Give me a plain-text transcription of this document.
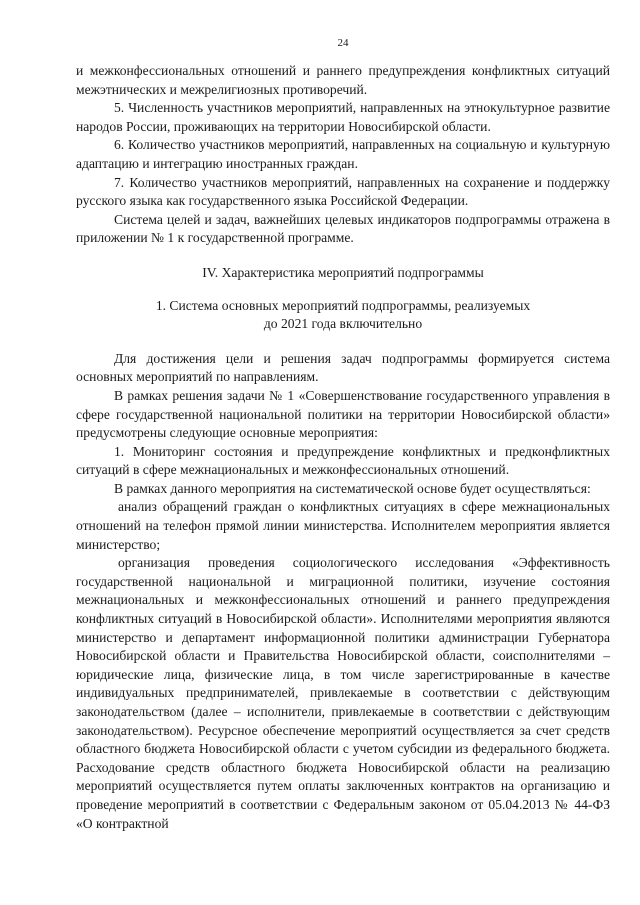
24

и межконфессиональных отношений и раннего предупреждения конфликтных ситуаций межэтнических и межрелигиозных противоречий.

5. Численность участников мероприятий, направленных на этнокультурное развитие народов России, проживающих на территории Новосибирской области.

6. Количество участников мероприятий, направленных на социальную и культурную адаптацию и интеграцию иностранных граждан.

7. Количество участников мероприятий, направленных на сохранение и поддержку русского языка как государственного языка Российской Федерации.

Система целей и задач, важнейших целевых индикаторов подпрограммы отражена в приложении № 1 к государственной программе.

IV. Характеристика мероприятий подпрограммы

1. Система основных мероприятий подпрограммы, реализуемых

до 2021 года включительно

Для достижения цели и решения задач подпрограммы формируется система основных мероприятий по направлениям.

В рамках решения задачи № 1 «Совершенствование государственного управления в сфере государственной национальной политики на территории Новосибирской области» предусмотрены следующие основные мероприятия:

1. Мониторинг состояния и предупреждение конфликтных и предконфликтных ситуаций в сфере межнациональных и межконфессиональных отношений.

В рамках данного мероприятия на систематической основе будет осуществляться:

анализ обращений граждан о конфликтных ситуациях в сфере межнациональных отношений на телефон прямой линии министерства. Исполнителем мероприятия является министерство;

организация проведения социологического исследования «Эффективность государственной национальной и миграционной политики, изучение состояния межнациональных и межконфессиональных отношений и раннего предупреждения конфликтных ситуаций в Новосибирской области». Исполнителями мероприятия являются министерство и департамент информационной политики администрации Губернатора Новосибирской области и Правительства Новосибирской области, соисполнителями – юридические лица, физические лица, в том числе зарегистрированные в качестве индивидуальных предпринимателей, привлекаемые в соответствии с действующим законодательством (далее – исполнители, привлекаемые в соответствии с действующим законодательством). Ресурсное обеспечение мероприятий осуществляется за счет средств областного бюджета Новосибирской области с учетом субсидии из федерального бюджета. Расходование средств областного бюджета Новосибирской области на реализацию мероприятий осуществляется путем оплаты заключенных контрактов на организацию и проведение мероприятий в соответствии с Федеральным законом от 05.04.2013 № 44-ФЗ «О контрактной
